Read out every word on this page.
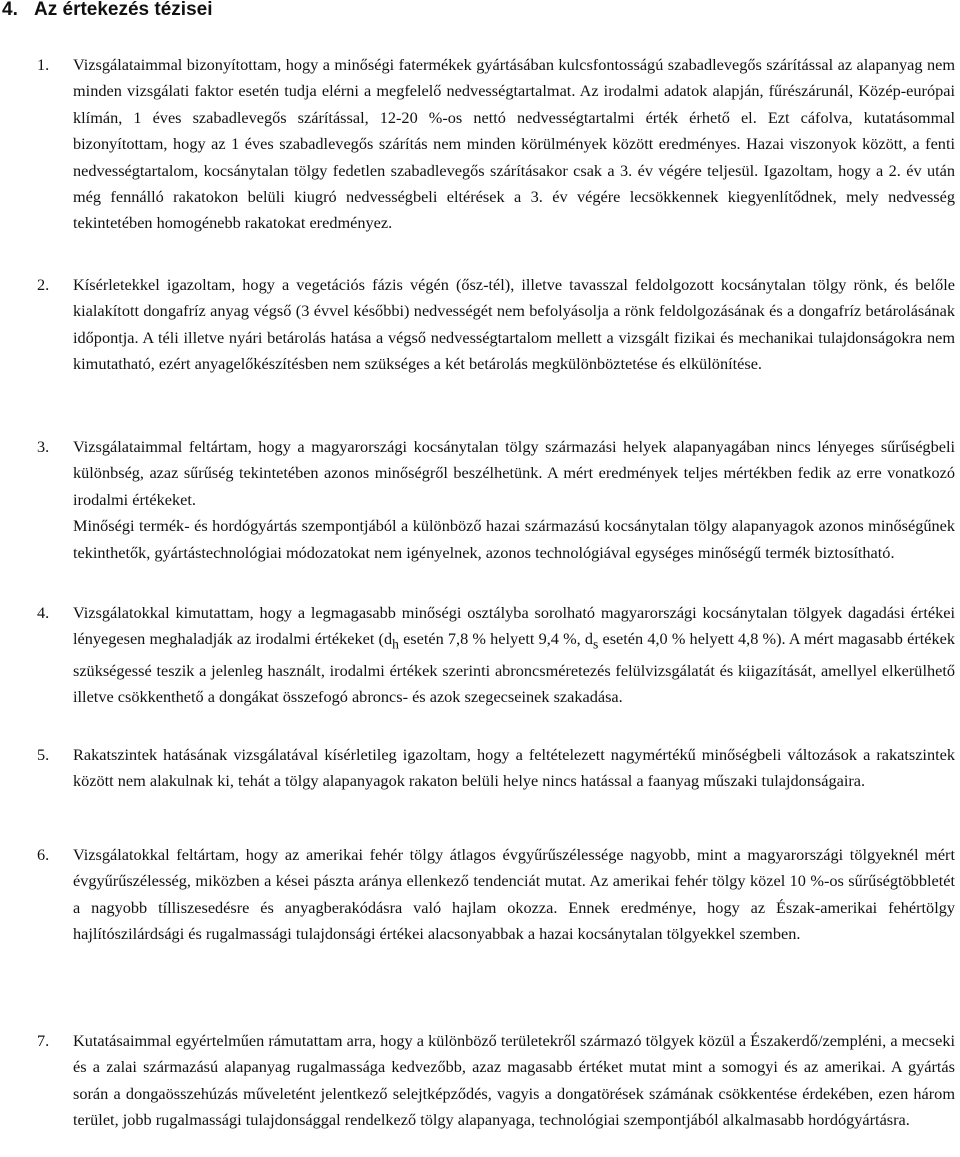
4. Az értekezés tézisei
1. Vizsgálataimmal bizonyítottam, hogy a minőségi fatermékek gyártásában kulcsfontosságú szabadlevegős szárítással az alapanyag nem minden vizsgálati faktor esetén tudja elérni a megfelelő nedvességtartalmat. Az irodalmi adatok alapján, fűrészárunál, Közép-európai klímán, 1 éves szabadlevegős szárítással, 12-20 %-os nettó nedvességtartalmi érték érhető el. Ezt cáfolva, kutatásommal bizonyítottam, hogy az 1 éves szabadlevegős szárítás nem minden körülmények között eredményes. Hazai viszonyok között, a fenti nedvességtartalom, kocsánytalan tölgy fedetlen szabadlevegős szárításakor csak a 3. év végére teljesül. Igazoltam, hogy a 2. év után még fennálló rakatokon belüli kiugró nedvességbeli eltérések a 3. év végére lecsökkennek kiegyenlítődnek, mely nedvesség tekintetében homogénebb rakatokat eredményez.

2. Kísérletekkel igazoltam, hogy a vegetációs fázis végén (ősz-tél), illetve tavasszal feldolgozott kocsánytalan tölgy rönk, és belőle kialakított dongafríz anyag végső (3 évvel későbbi) nedvességét nem befolyásolja a rönk feldolgozásának és a dongafríz betárolásának időpontja. A téli illetve nyári betárolás hatása a végső nedvességtartalom mellett a vizsgált fizikai és mechanikai tulajdonságokra nem kimutatható, ezért anyagelőkészítésben nem szükséges a két betárolás megkülönböztetése és elkülönítése.

3. Vizsgálataimmal feltártam, hogy a magyarországi kocsánytalan tölgy származási helyek alapanyagában nincs lényeges sűrűségbeli különbség, azaz sűrűség tekintetében azonos minőségről beszélhetünk. A mért eredmények teljes mértékben fedik az erre vonatkozó irodalmi értékeket.

Minőségi termék- és hordógyártás szempontjából a különböző hazai származású kocsánytalan tölgy alapanyagok azonos minőségűnek tekinthetők, gyártástechnológiai módozatokat nem igényelnek, azonos technológiával egységes minőségű termék biztosítható.

4. Vizsgálatokkal kimutattam, hogy a legmagasabb minőségi osztályba sorolható magyarországi kocsánytalan tölgyek dagadási értékei lényegesen meghaladják az irodalmi értékeket ($d_h$ esetén 7,8 % helyett 9,4 %, $d_s$ esetén 4,0 % helyett 4,8 %). A mért magasabb értékek szükségessé teszik a jelenleg használt, irodalmi értékek szerinti abroncsméretezés felülvizsgálatát és kiigazítását, amellyel elkerülhető illetve csökkenthető a dongákat összefogó abroncs- és azok szegecseinek szakadása.

5. Rakatszintek hatásának vizsgálatával kísérletileg igazoltam, hogy a feltételezett nagymértékű minőségbeli változások a rakatszintek között nem alakulnak ki, tehát a tölgy alapanyagok rakaton belüli helye nincs hatással a faanyag műszaki tulajdonságaira.

6. Vizsgálatokkal feltártam, hogy az amerikai fehér tölgy átlagos évgyűrűszélessége nagyobb, mint a magyarországi tölgyeknél mért évgyűrűszélesség, miközben a kései pászta aránya ellenkező tendenciát mutat. Az amerikai fehér tölgy közel 10 %-os sűrűségtöbbletét a nagyobb tílliszesedésre és anyagberakódásra való hajlam okozza. Ennek eredménye, hogy az Észak-amerikai fehértölgy hajlítószilárdsági és rugalmassági tulajdonsági értékei alacsonyabbak a hazai kocsánytalan tölgyekkel szemben.

7. Kutatásaimmal egyértelműen rámutattam arra, hogy a különböző területekről származó tölgyek közül a Északerdő/zempléni, a mecseki és a zalai származású alapanyag rugalmassága kedvezőbb, azaz magasabb értéket mutat mint a somogyi és az amerikai. A gyártás során a dongaösszehúzás műveletént jelentkező selejtképződés, vagyis a dongatörések számának csökkentése érdekében, ezen három terület, jobb rugalmassági tulajdonsággal rendelkező tölgy alapanyaga, technológiai szempontjából alkalmasabb hordógyártásra.
